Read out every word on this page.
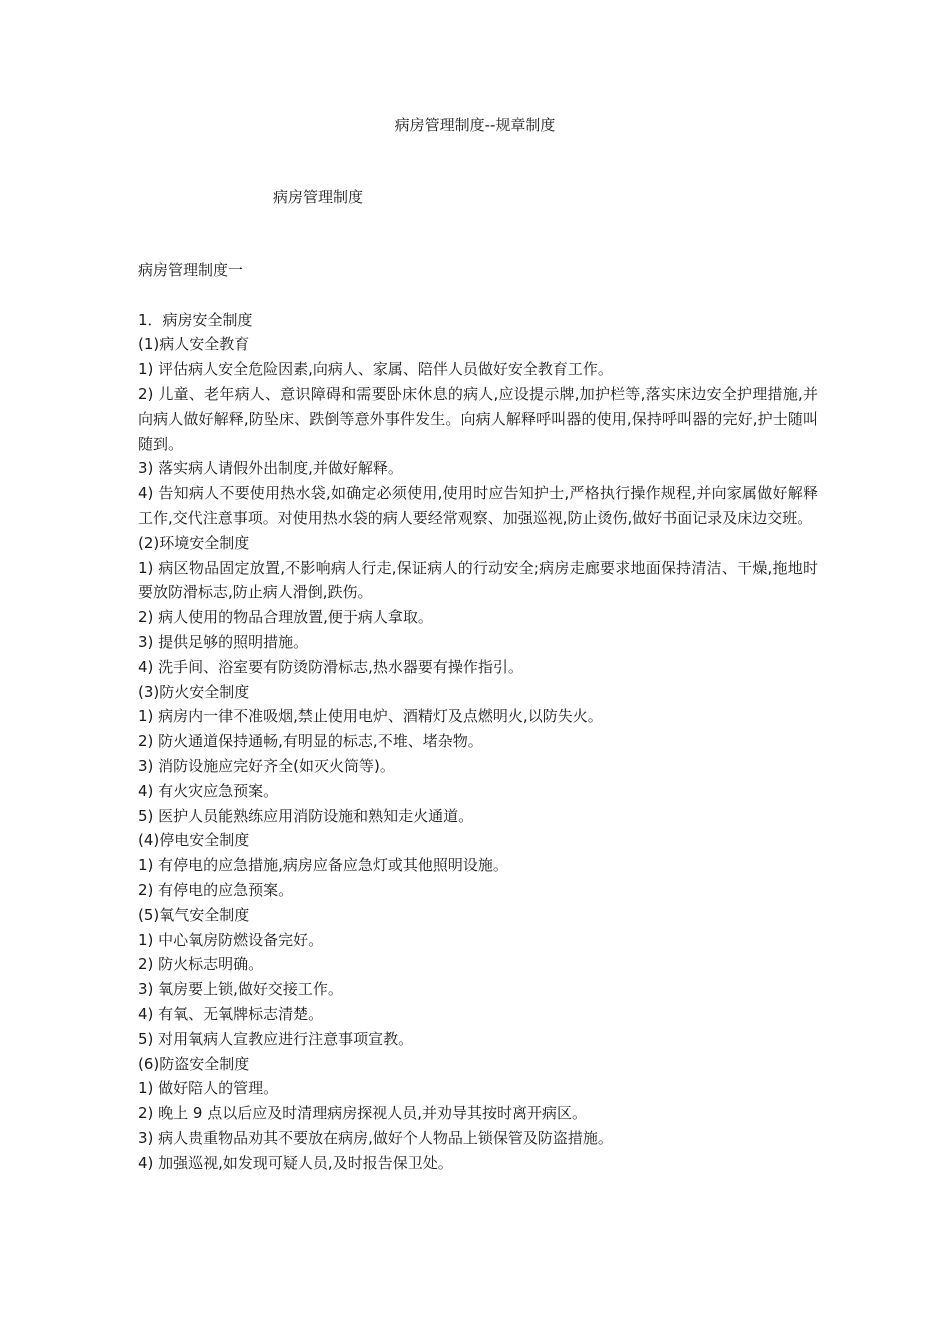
病房管理制度--规章制度
病房管理制度

病房管理制度一

1．病房安全制度

(1)病人安全教育

1) 评估病人安全危险因素,向病人、家属、陪伴人员做好安全教育工作。

2) 儿童、老年病人、意识障碍和需要卧床休息的病人,应设提示牌,加护栏等,落实床边安全护理措施,并向病人做好解释,防坠床、跌倒等意外事件发生。向病人解释呼叫器的使用,保持呼叫器的完好,护士随叫随到。

3) 落实病人请假外出制度,并做好解释。

4) 告知病人不要使用热水袋,如确定必须使用,使用时应告知护士,严格执行操作规程,并向家属做好解释工作,交代注意事项。对使用热水袋的病人要经常观察、加强巡视,防止烫伤,做好书面记录及床边交班。

(2)环境安全制度

1) 病区物品固定放置,不影响病人行走,保证病人的行动安全;病房走廊要求地面保持清洁、干燥,拖地时要放防滑标志,防止病人滑倒,跌伤。

2) 病人使用的物品合理放置,便于病人拿取。

3) 提供足够的照明措施。

4) 洗手间、浴室要有防烫防滑标志,热水器要有操作指引。

(3)防火安全制度

1) 病房内一律不准吸烟,禁止使用电炉、酒精灯及点燃明火,以防失火。

2) 防火通道保持通畅,有明显的标志,不堆、堵杂物。

3) 消防设施应完好齐全(如灭火筒等)。

4) 有火灾应急预案。

5) 医护人员能熟练应用消防设施和熟知走火通道。

(4)停电安全制度

1) 有停电的应急措施,病房应备应急灯或其他照明设施。

2) 有停电的应急预案。

(5)氧气安全制度

1) 中心氧房防燃设备完好。

2) 防火标志明确。

3) 氧房要上锁,做好交接工作。

4) 有氧、无氧牌标志清楚。

5) 对用氧病人宣教应进行注意事项宣教。

(6)防盗安全制度

1) 做好陪人的管理。

2) 晚上 9 点以后应及时清理病房探视人员,并劝导其按时离开病区。

3) 病人贵重物品劝其不要放在病房,做好个人物品上锁保管及防盗措施。

4) 加强巡视,如发现可疑人员,及时报告保卫处。
